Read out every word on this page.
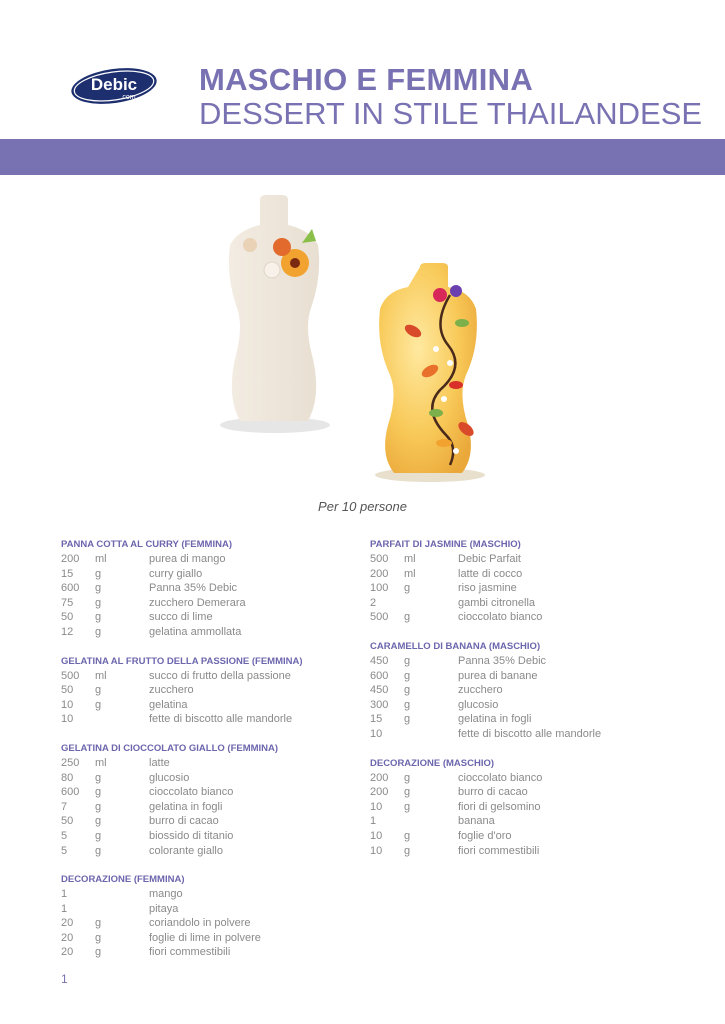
Debic
.com
MASCHIO E FEMMINA
DESSERT IN STILE THAILANDESE
Per 10 persone
PANNA COTTA AL CURRY (FEMMINA)
200 ml	purea di mango
15 g	curry giallo
600 g	Panna 35% Debic
75 g	zucchero Demerara
50 g	succo di lime
12 g	gelatina ammollata
GELATINA AL FRUTTO DELLA PASSIONE (FEMMINA)
500 ml	succo di frutto della passione
50 g	zucchero
10 g	gelatina
10	fette di biscotto alle mandorle
GELATINA DI CIOCCOLATO GIALLO (FEMMINA)
250 ml	latte
80 g	glucosio
600 g	cioccolato bianco
7	g	gelatina in fogli
50 g	burro di cacao
5	g	biossido di titanio
5	g	colorante giallo
DECORAZIONE (FEMMINA)
1	mango
1	pitaya
20 g	coriandolo in polvere
20 g	foglie di lime in polvere
20 g	fiori commestibili
PARFAIT DI JASMINE (MASCHIO)
500 ml	Debic Parfait
200 ml	latte di cocco
100 g	riso jasmine
2	gambi citronella
500 g	cioccolato bianco
CARAMELLO DI BANANA (MASCHIO)
450 g	Panna 35% Debic
600 g	purea di banane
450 g	zucchero
300 g	glucosio
15 g	gelatina in fogli
10	fette di biscotto alle mandorle
DECORAZIONE (MASCHIO)
200 g	cioccolato bianco
200 g	burro di cacao
10 g	fiori di gelsomino
1	banana
10 g	foglie d'oro
10 g	fiori commestibili
1
